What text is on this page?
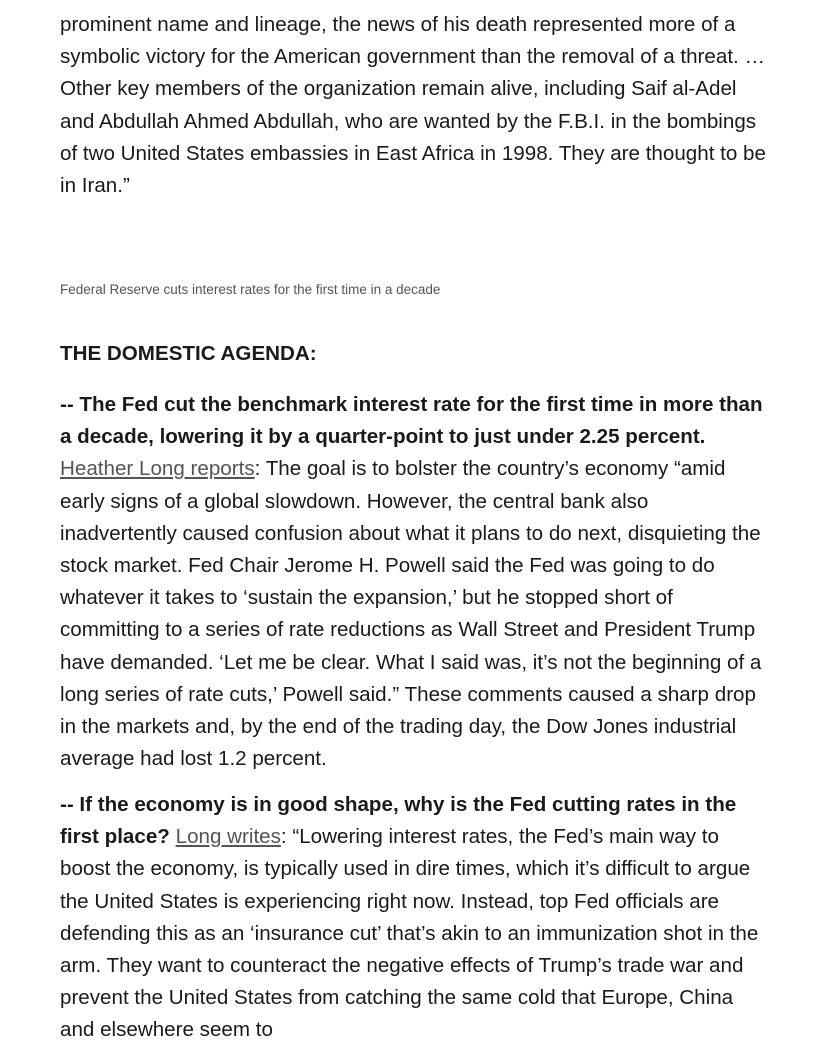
prominent name and lineage, the news of his death represented more of a symbolic victory for the American government than the removal of a threat. … Other key members of the organization remain alive, including Saif al-Adel and Abdullah Ahmed Abdullah, who are wanted by the F.B.I. in the bombings of two United States embassies in East Africa in 1998. They are thought to be in Iran.”

Federal Reserve cuts interest rates for the first time in a decade

THE DOMESTIC AGENDA:

-- The Fed cut the benchmark interest rate for the first time in more than a decade, lowering it by a quarter-point to just under 2.25 percent. Heather Long reports: The goal is to bolster the country’s economy “amid early signs of a global slowdown. However, the central bank also inadvertently caused confusion about what it plans to do next, disquieting the stock market. Fed Chair Jerome H. Powell said the Fed was going to do whatever it takes to ‘sustain the expansion,’ but he stopped short of committing to a series of rate reductions as Wall Street and President Trump have demanded. ‘Let me be clear. What I said was, it’s not the beginning of a long series of rate cuts,’ Powell said.” These comments caused a sharp drop in the markets and, by the end of the trading day, the Dow Jones industrial average had lost 1.2 percent.

-- If the economy is in good shape, why is the Fed cutting rates in the first place? Long writes: “Lowering interest rates, the Fed’s main way to boost the economy, is typically used in dire times, which it’s difficult to argue the United States is experiencing right now. Instead, top Fed officials are defending this as an ‘insurance cut’ that’s akin to an immunization shot in the arm. They want to counteract the negative effects of Trump’s trade war and prevent the United States from catching the same cold that Europe, China and elsewhere seem to
